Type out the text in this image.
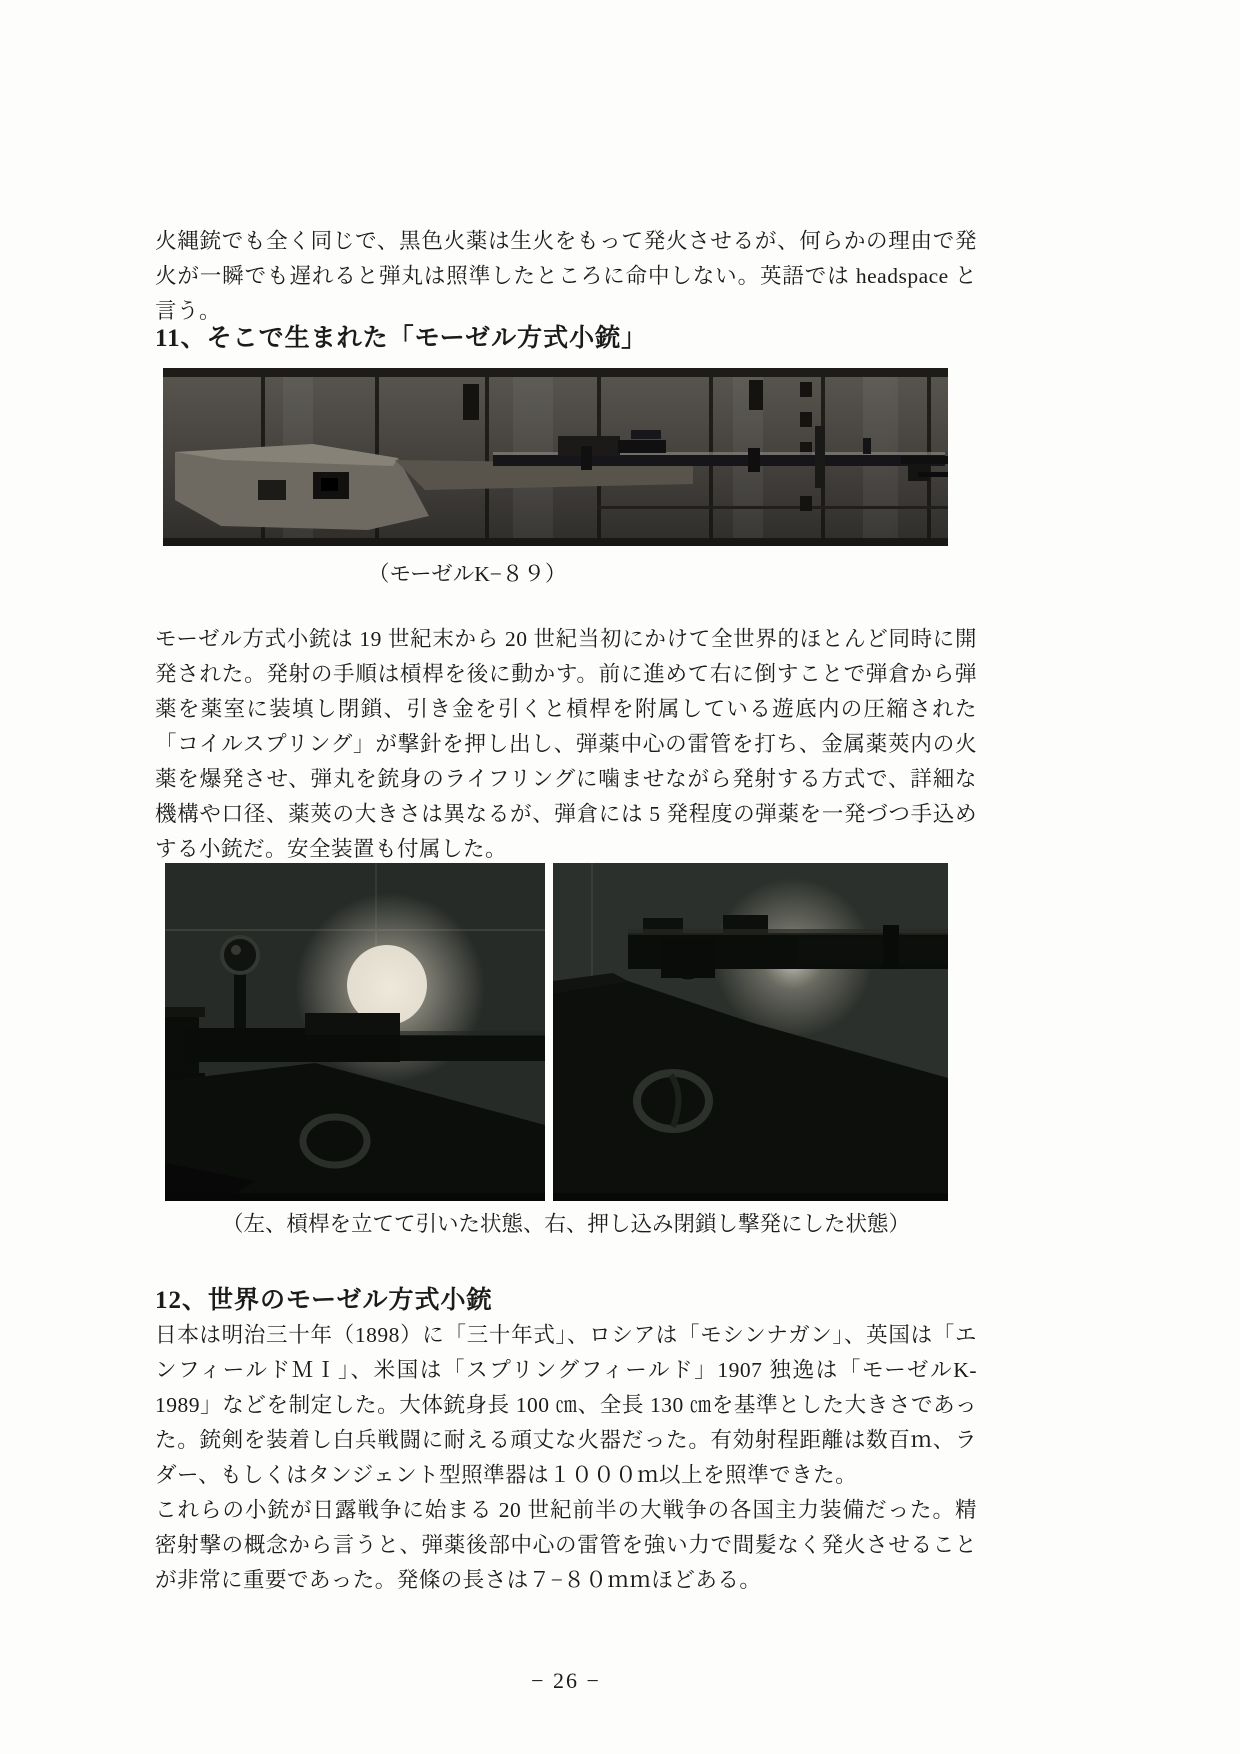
火縄銃でも全く同じで、黒色火薬は生火をもって発火させるが、何らかの理由で発火が一瞬でも遅れると弾丸は照準したところに命中しない。英語では headspace と言う。

11、そこで生まれた「モーゼル方式小銃」
（モーゼルK−８９）

モーゼル方式小銃は 19 世紀末から 20 世紀当初にかけて全世界的ほとんど同時に開発された。発射の手順は槓桿を後に動かす。前に進めて右に倒すことで弾倉から弾薬を薬室に装填し閉鎖、引き金を引くと槓桿を附属している遊底内の圧縮された「コイルスプリング」が撃針を押し出し、弾薬中心の雷管を打ち、金属薬莢内の火薬を爆発させ、弾丸を銃身のライフリングに噛ませながら発射する方式で、詳細な機構や口径、薬莢の大きさは異なるが、弾倉には 5 発程度の弾薬を一発づつ手込めする小銃だ。安全装置も付属した。

（左、槓桿を立てて引いた状態、右、押し込み閉鎖し撃発にした状態）
12、世界のモーゼル方式小銃

日本は明治三十年（1898）に「三十年式」、ロシアは「モシンナガン」、英国は「エンフィールドＭＩ」、米国は「スプリングフィールド」1907 独逸は「モーゼルK-1989」などを制定した。大体銃身長 100 ㎝、全長 130 ㎝を基準とした大きさであった。銃剣を装着し白兵戦闘に耐える頑丈な火器だった。有効射程距離は数百ｍ、ラダー、もしくはタンジェント型照準器は１０００ｍ以上を照準できた。

これらの小銃が日露戦争に始まる 20 世紀前半の大戦争の各国主力装備だった。精密射撃の概念から言うと、弾薬後部中心の雷管を強い力で間髪なく発火させることが非常に重要であった。発條の長さは７−８０ｍｍほどある。

− 26 −
